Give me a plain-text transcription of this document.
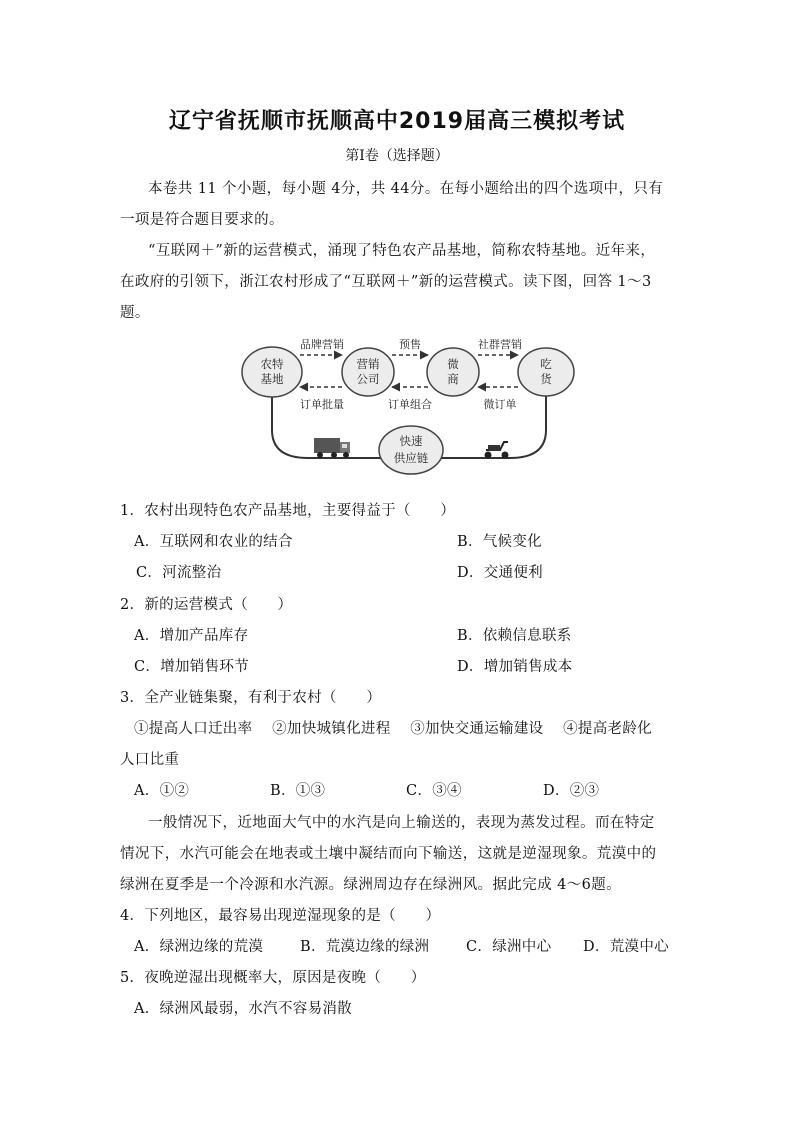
辽宁省抚顺市抚顺高中2019届高三模拟考试
第Ⅰ卷（选择题）
本卷共 11 个小题，每小题 4分，共 44分。在每小题给出的四个选项中，只有
一项是符合题目要求的。
“互联网＋”新的运营模式，涌现了特色农产品基地，简称农特基地。近年来，
在政府的引领下，浙江农村形成了“互联网＋”新的运营模式。读下图，回答 1～3
题。
品牌营销	预售	社群营销
订单批量	订单组合	微订单
农特
基地
营销
公司
微
商
吃
货
快速
供应链
1．农村出现特色农产品基地，主要得益于（　　）
A．互联网和农业的结合	B．气候变化
C．河流整治	D．交通便利
2．新的运营模式（　　）
A．增加产品库存	B．依赖信息联系
C．增加销售环节	D．增加销售成本
3．全产业链集聚，有利于农村（　　）
①提高人口迁出率　 ②加快城镇化进程　 ③加快交通运输建设　 ④提高老龄化
人口比重
A．①②	B．①③	C．③④	D．②③
一般情况下，近地面大气中的水汽是向上输送的，表现为蒸发过程。而在特定
情况下，水汽可能会在地表或土壤中凝结而向下输送，这就是逆湿现象。荒漠中的
绿洲在夏季是一个冷源和水汽源。绿洲周边存在绿洲风。据此完成 4～6题。
4．下列地区，最容易出现逆湿现象的是（　　）
A．绿洲边缘的荒漠	B．荒漠边缘的绿洲	C．绿洲中心 D．荒漠中心
5．夜晚逆湿出现概率大，原因是夜晚（　　）
A．绿洲风最弱，水汽不容易消散
